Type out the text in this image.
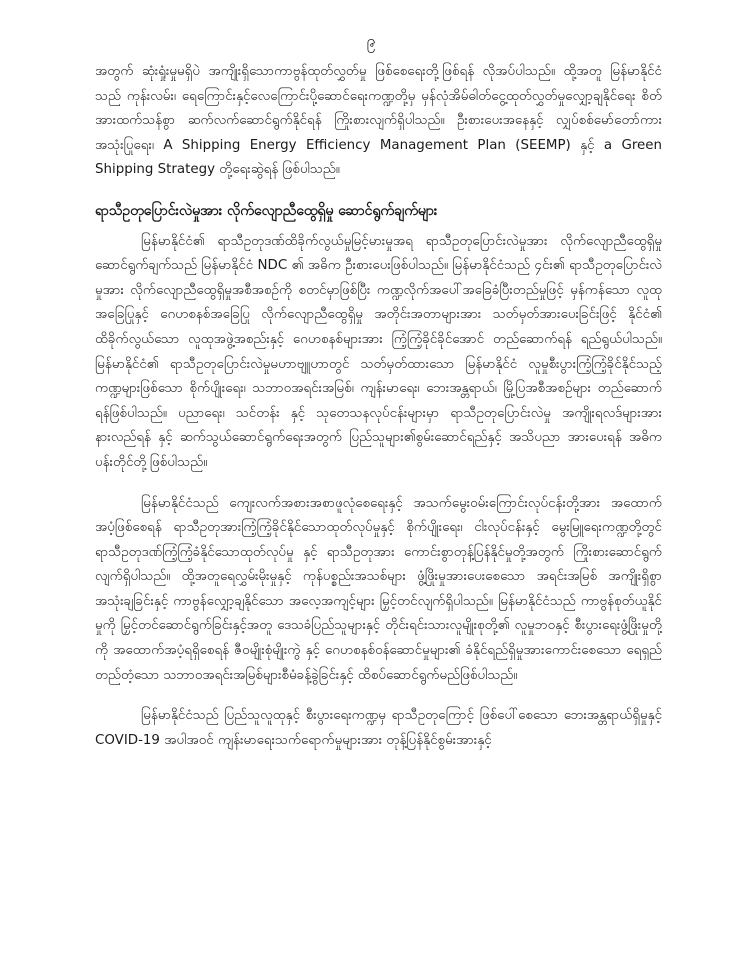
၉

အတွက် ဆုံးရှုံးမှုမရှိပဲ အကျိုးရှိသောကာဗွန်ထုတ်လွှတ်မှု ဖြစ်စေရေးတို့ဖြစ်ရန် လိုအပ်ပါသည်။ ထို့အတူ မြန်မာနိုင်ငံသည် ကုန်းလမ်း၊ ရေကြောင်းနှင့်လေကြောင်းပို့ဆောင်ရေးကဏ္ဍတို့မှ မှန်လုံအိမ်ဓါတ်ငွေ့ထုတ်လွှတ်မှုလျှော့ချနိုင်ရေး စိတ်အားထက်သန်စွာ ဆက်လက်ဆောင်ရွက်နိုင်ရန် ကြိုးစားလျက်ရှိပါသည်။ ဦးစားပေးအနေနှင့် လျှပ်စစ်မော်တော်ကားအသုံးပြုရေး၊ A Shipping Energy Efficiency Management Plan (SEEMP) နှင့် a Green Shipping Strategy တို့ရေးဆွဲရန် ဖြစ်ပါသည်။

ရာသီဥတုပြောင်းလဲမှုအား လိုက်လျောညီထွေရှိမှု ဆောင်ရွက်ချက်များ

မြန်မာနိုင်ငံ၏ ရာသီဥတုဒဏ်ထိခိုက်လွယ်မှုမြင့်မားမှုအရ ရာသီဥတုပြောင်းလဲမှုအား လိုက်လျောညီထွေရှိမှု ဆောင်ရွက်ချက်သည် မြန်မာနိုင်ငံ NDC ၏ အဓိက ဦးစားပေးဖြစ်ပါသည်။ မြန်မာနိုင်ငံသည် ၄င်း၏ ရာသီဥတုပြောင်းလဲမှုအား လိုက်လျောညီထွေရှိမှုအစီအစဉ်ကို စတင်မှာဖြစ်ပြီး ကဏ္ဍလိုက်အပေါ်အခြေခံပြီးတည်မှုဖြင့် မှန်ကန်သော လူထုအခြေပြုနှင့် ဂေဟစနစ်အခြေပြု လိုက်လျောညီထွေရှိမှု အတိုင်းအတာများအား သတ်မှတ်အားပေးခြင်းဖြင့် နိုင်ငံ၏ ထိခိုက်လွယ်သော လူထုအဖွဲ့အစည်းနှင့် ဂေဟစနစ်များအား ကြံ့ကြံ့ခိုင်ခိုင်အောင် တည်ဆောက်ရန် ရည်ရွယ်ပါသည်။ မြန်မာနိုင်ငံ၏ ရာသီဥတုပြောင်းလဲမှုမဟာဗျူဟာတွင် သတ်မှတ်ထားသော မြန်မာနိုင်ငံ လူမှုစီးပွားကြံ့ကြံ့ခိုင်နိုင်သည့် ကဏ္ဍများဖြစ်သော စိုက်ပျိုးရေး၊ သဘာဝအရင်းအမြစ်၊ ကျန်းမာရေး၊ ဘေးအန္တရာယ်၊ မြို့ပြအစီအစဉ်များ တည်ဆောက်ရန်ဖြစ်ပါသည်။ ပညာရေး၊ သင်တန်း နှင့် သုတေသနလုပ်ငန်းများမှာ ရာသီဥတုပြောင်းလဲမှု အကျိုးရလဒ်များအား နားလည်ရန် နှင့် ဆက်သွယ်ဆောင်ရွက်ရေးအတွက် ပြည်သူများ၏စွမ်းဆောင်ရည်နှင့် အသိပညာ အားပေးရန် အဓိကပန်းတိုင်တို့ဖြစ်ပါသည်။

မြန်မာနိုင်ငံသည် ကျေးလက်အစားအစာဖူလုံစေရေးနှင့် အသက်မွေးဝမ်းကြောင်းလုပ်ငန်းတို့အား အထောက်အပံ့ဖြစ်စေရန် ရာသီဥတုအားကြံ့ကြံ့ခိုင်နိုင်သောထုတ်လုပ်မှုနှင့် စိုက်ပျိုးရေး၊ ငါးလုပ်ငန်းနှင့် မွေးမြူရေးကဏ္ဍတို့တွင် ရာသီဥတုဒဏ်ကြံ့ကြံ့ခံနိုင်သောထုတ်လုပ်မှု နှင့် ရာသီဥတုအား ကောင်းစွာတုန့်ပြန်နိုင်မှုတို့အတွက် ကြိုးစားဆောင်ရွက်လျက်ရှိပါသည်။ ထို့အတူရေလွှမ်းမိုးမှုနှင့် ကုန်ပစ္စည်းအသစ်များ ဖွံ့ဖြိုးမှုအားပေးစေသော အရင်းအမြစ် အကျိုးရှိစွာအသုံးချခြင်းနှင့် ကာဗွန်လျှော့ချနိုင်သော အလေ့အကျင့်များ မြှင့်တင်လျက်ရှိပါသည်။ မြန်မာနိုင်ငံသည် ကာဗွန်စုတ်ယူနိုင်မှုကို မြှင့်တင်ဆောင်ရွက်ခြင်းနှင့်အတူ ဒေသခံပြည်သူများနှင့် တိုင်းရင်းသားလူမျိုးစုတို့၏ လူမှုဘဝနှင့် စီးပွားရေးဖွံ့ဖြိုးမှုတို့ကို အထောက်အပံ့ရရှိစေရန် ဇီဝမျိုးစုံမျိုးကွဲ နှင့် ဂေဟစနစ်ဝန်ဆောင်မှုများ၏ ခံနိုင်ရည်ရှိမှုအားကောင်းစေသော ရေရှည်တည်တံ့သော သဘာဝအရင်းအမြစ်များစီမံခန့်ခွဲခြင်းနှင့် ထိစပ်ဆောင်ရွက်မည်ဖြစ်ပါသည်။

မြန်မာနိုင်ငံသည် ပြည်သူလူထုနှင့် စီးပွားရေးကဏ္ဍမှ ရာသီဥတုကြောင့် ဖြစ်ပေါ်စေသော ဘေးအန္တရာယ်ရှိမှုနှင့် COVID-19 အပါအဝင် ကျန်းမာရေးသက်ရောက်မှုများအား တုန့်ပြန်နိုင်စွမ်းအားနှင့်
